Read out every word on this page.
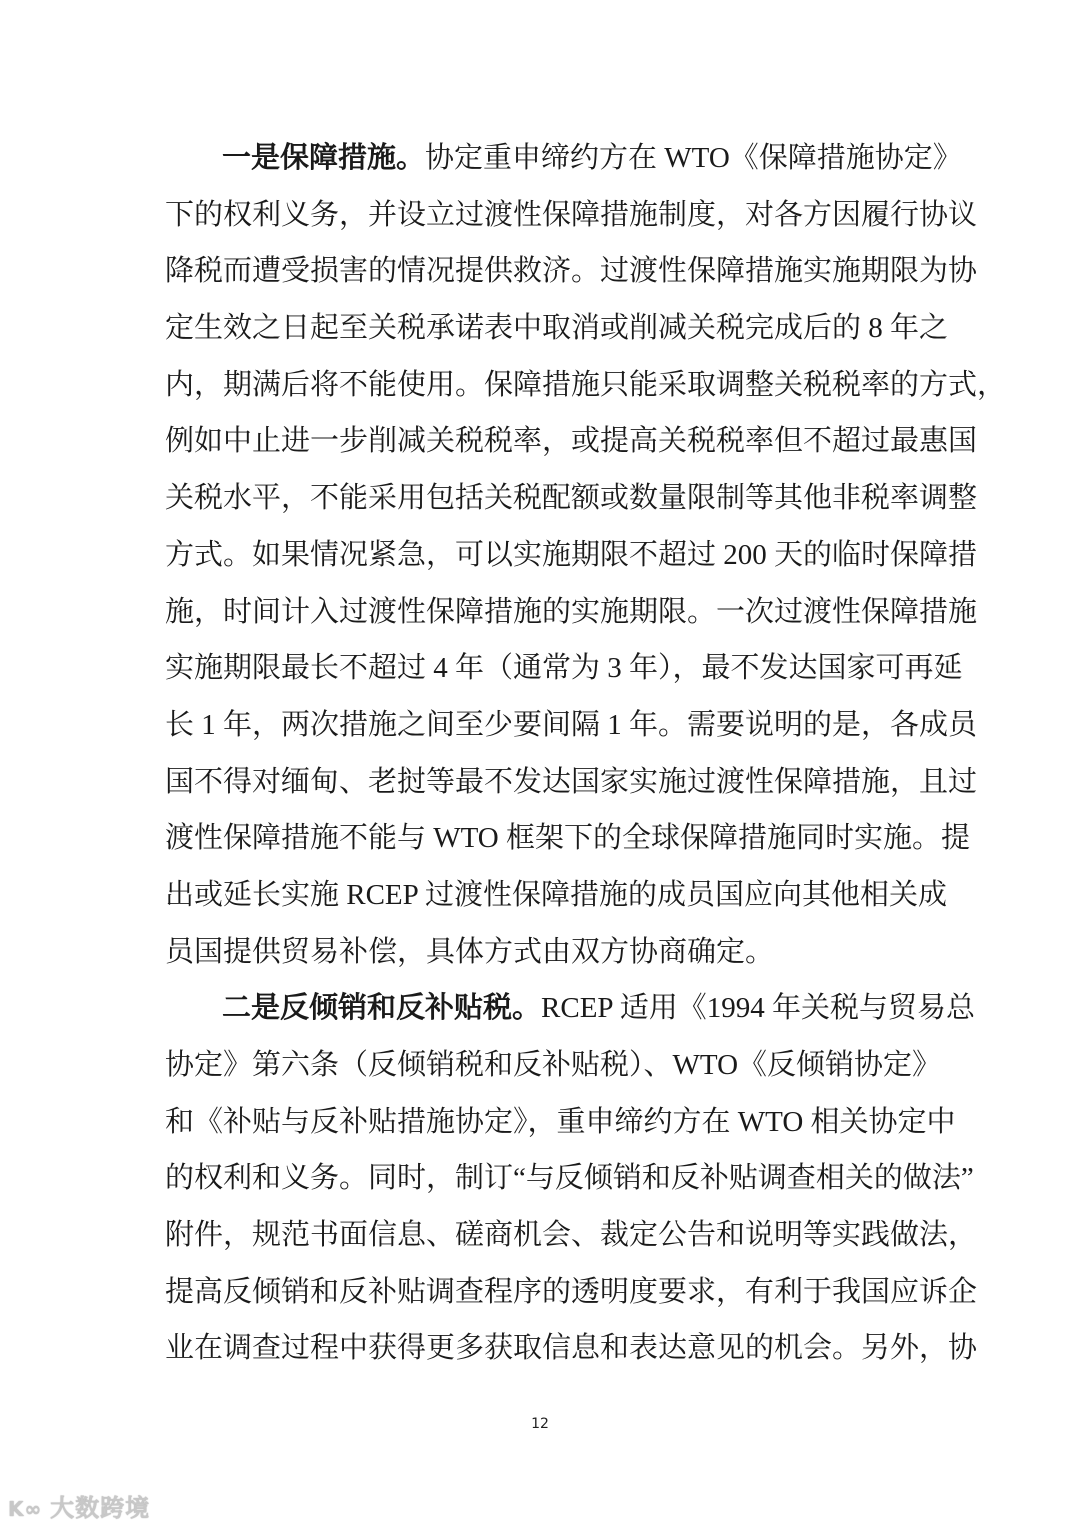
一是保障措施。协定重申缔约方在 WTO《保障措施协定》
下的权利义务，并设立过渡性保障措施制度，对各方因履行协议
降税而遭受损害的情况提供救济。过渡性保障措施实施期限为协
定生效之日起至关税承诺表中取消或削减关税完成后的 8 年之
内，期满后将不能使用。保障措施只能采取调整关税税率的方式，
例如中止进一步削减关税税率，或提高关税税率但不超过最惠国
关税水平，不能采用包括关税配额或数量限制等其他非税率调整
方式。如果情况紧急，可以实施期限不超过 200 天的临时保障措
施，时间计入过渡性保障措施的实施期限。一次过渡性保障措施
实施期限最长不超过 4 年（通常为 3 年），最不发达国家可再延
长 1 年，两次措施之间至少要间隔 1 年。需要说明的是，各成员
国不得对缅甸、老挝等最不发达国家实施过渡性保障措施，且过
渡性保障措施不能与 WTO 框架下的全球保障措施同时实施。提
出或延长实施 RCEP 过渡性保障措施的成员国应向其他相关成
员国提供贸易补偿，具体方式由双方协商确定。
二是反倾销和反补贴税。RCEP 适用《1994 年关税与贸易总
协定》第六条（反倾销税和反补贴税）、WTO《反倾销协定》
和《补贴与反补贴措施协定》，重申缔约方在 WTO 相关协定中
的权利和义务。同时，制订“与反倾销和反补贴调查相关的做法”
附件，规范书面信息、磋商机会、裁定公告和说明等实践做法，
提高反倾销和反补贴调查程序的透明度要求，有利于我国应诉企
业在调查过程中获得更多获取信息和表达意见的机会。另外，协
12
K∞ 大数跨境
